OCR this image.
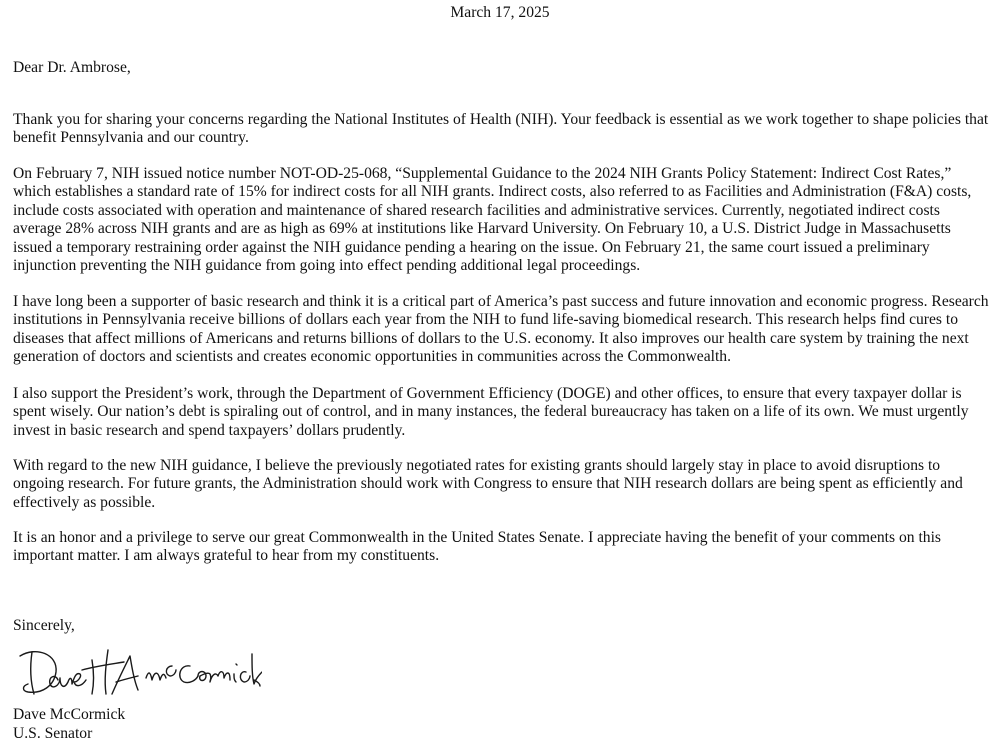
March 17, 2025
Dear Dr. Ambrose,

Thank you for sharing your concerns regarding the National Institutes of Health (NIH). Your feedback is essential as we work together to shape policies that benefit Pennsylvania and our country.

On February 7, NIH issued notice number NOT-OD-25-068, “Supplemental Guidance to the 2024 NIH Grants Policy Statement: Indirect Cost Rates,” which establishes a standard rate of 15% for indirect costs for all NIH grants. Indirect costs, also referred to as Facilities and Administration (F&A) costs, include costs associated with operation and maintenance of shared research facilities and administrative services. Currently, negotiated indirect costs average 28% across NIH grants and are as high as 69% at institutions like Harvard University. On February 10, a U.S. District Judge in Massachusetts issued a temporary restraining order against the NIH guidance pending a hearing on the issue. On February 21, the same court issued a preliminary injunction preventing the NIH guidance from going into effect pending additional legal proceedings.

I have long been a supporter of basic research and think it is a critical part of America’s past success and future innovation and economic progress. Research institutions in Pennsylvania receive billions of dollars each year from the NIH to fund life-saving biomedical research. This research helps find cures to diseases that affect millions of Americans and returns billions of dollars to the U.S. economy. It also improves our health care system by training the next generation of doctors and scientists and creates economic opportunities in communities across the Commonwealth.

I also support the President’s work, through the Department of Government Efficiency (DOGE) and other offices, to ensure that every taxpayer dollar is spent wisely. Our nation’s debt is spiraling out of control, and in many instances, the federal bureaucracy has taken on a life of its own. We must urgently invest in basic research and spend taxpayers’ dollars prudently.

With regard to the new NIH guidance, I believe the previously negotiated rates for existing grants should largely stay in place to avoid disruptions to ongoing research. For future grants, the Administration should work with Congress to ensure that NIH research dollars are being spent as efficiently and effectively as possible.

It is an honor and a privilege to serve our great Commonwealth in the United States Senate. I appreciate having the benefit of your comments on this important matter. I am always grateful to hear from my constituents.

Sincerely,
Dave McCormick
U.S. Senator
